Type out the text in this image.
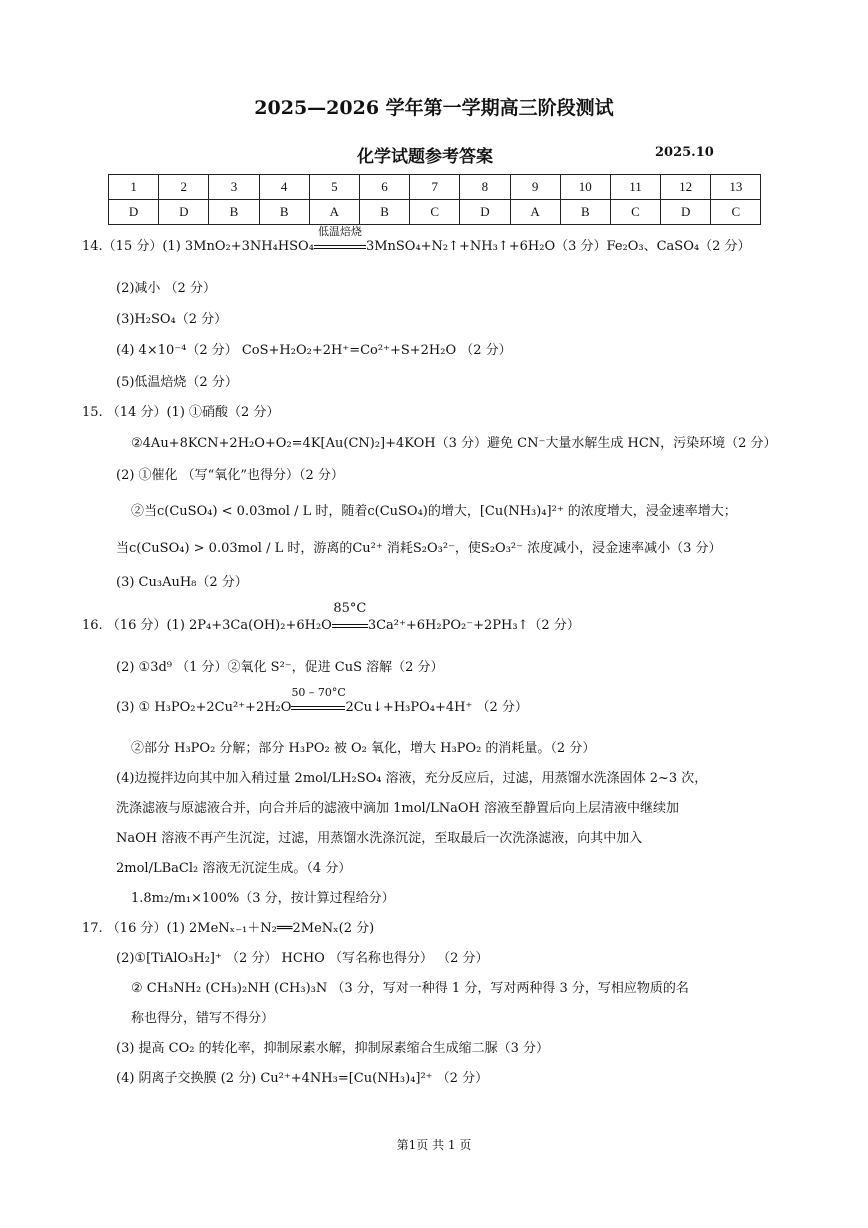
2025—2026 学年第一学期高三阶段测试
化学试题参考答案	2025.10
1	2	3	4	5	6	7	8	9	10	11	12	13
D	D	B	B	A	B	C	D	A	B	C	D	C
14.（15 分）(1) 3MnO₂+3NH₄HSO₄
低温焙烧
3MnSO₄+N₂↑+NH₃↑+6H₂O（3 分）Fe₂O₃、CaSO₄（2 分）
(2)减小 （2 分）
(3)H₂SO₄（2 分）
(4) 4×10⁻⁴（2 分） CoS+H₂O₂+2H⁺=Co²⁺+S+2H₂O （2 分）
(5)低温焙烧（2 分）
15. （14 分）(1) ①硝酸（2 分）
②4Au+8KCN+2H₂O+O₂=4K[Au(CN)₂]+4KOH（3 分）避免 CN⁻大量水解生成 HCN，污染环境（2 分）
(2) ①催化 （写“氧化”也得分）（2 分）
②当c(CuSO₄) < 0.03mol / L 时，随着c(CuSO₄)的增大，[Cu(NH₃)₄]²⁺ 的浓度增大，浸金速率增大；
当c(CuSO₄) > 0.03mol / L 时，游离的Cu²⁺ 消耗S₂O₃²⁻，使S₂O₃²⁻ 浓度减小，浸金速率减小（3 分）
(3) Cu₃AuH₈（2 分）
16. （16 分）(1) 2P₄+3Ca(OH)₂+6H₂O
85°C
3Ca²⁺+6H₂PO₂⁻+2PH₃↑（2 分）
(2) ①3d⁹ （1 分）②氧化 S²⁻，促进 CuS 溶解（2 分）
(3) ① H₃PO₂+2Cu²⁺+2H₂O
50 – 70°C
2Cu↓+H₃PO₄+4H⁺ （2 分）
②部分 H₃PO₂ 分解；部分 H₃PO₂ 被 O₂ 氧化，增大 H₃PO₂ 的消耗量。（2 分）
(4)边搅拌边向其中加入稍过量 2mol/LH₂SO₄ 溶液，充分反应后，过滤，用蒸馏水洗涤固体 2~3 次，
洗涤滤液与原滤液合并，向合并后的滤液中滴加 1mol/LNaOH 溶液至静置后向上层清液中继续加
NaOH 溶液不再产生沉淀，过滤，用蒸馏水洗涤沉淀，至取最后一次洗涤滤液，向其中加入
2mol/LBaCl₂ 溶液无沉淀生成。（4 分）
1.8m₂/m₁×100%（3 分，按计算过程给分）
17. （16 分）(1) 2MeNₓ₋₁＋N₂══2MeNₓ(2 分)
(2)①[TiAlO₃H₂]⁺ （2 分） HCHO （写名称也得分） （2 分）
② CH₃NH₂ (CH₃)₂NH (CH₃)₃N （3 分，写对一种得 1 分，写对两种得 3 分，写相应物质的名
称也得分，错写不得分）
(3) 提高 CO₂ 的转化率，抑制尿素水解，抑制尿素缩合生成缩二脲（3 分）
(4) 阴离子交换膜 (2 分) Cu²⁺+4NH₃=[Cu(NH₃)₄]²⁺ （2 分）
第1页 共 1 页
